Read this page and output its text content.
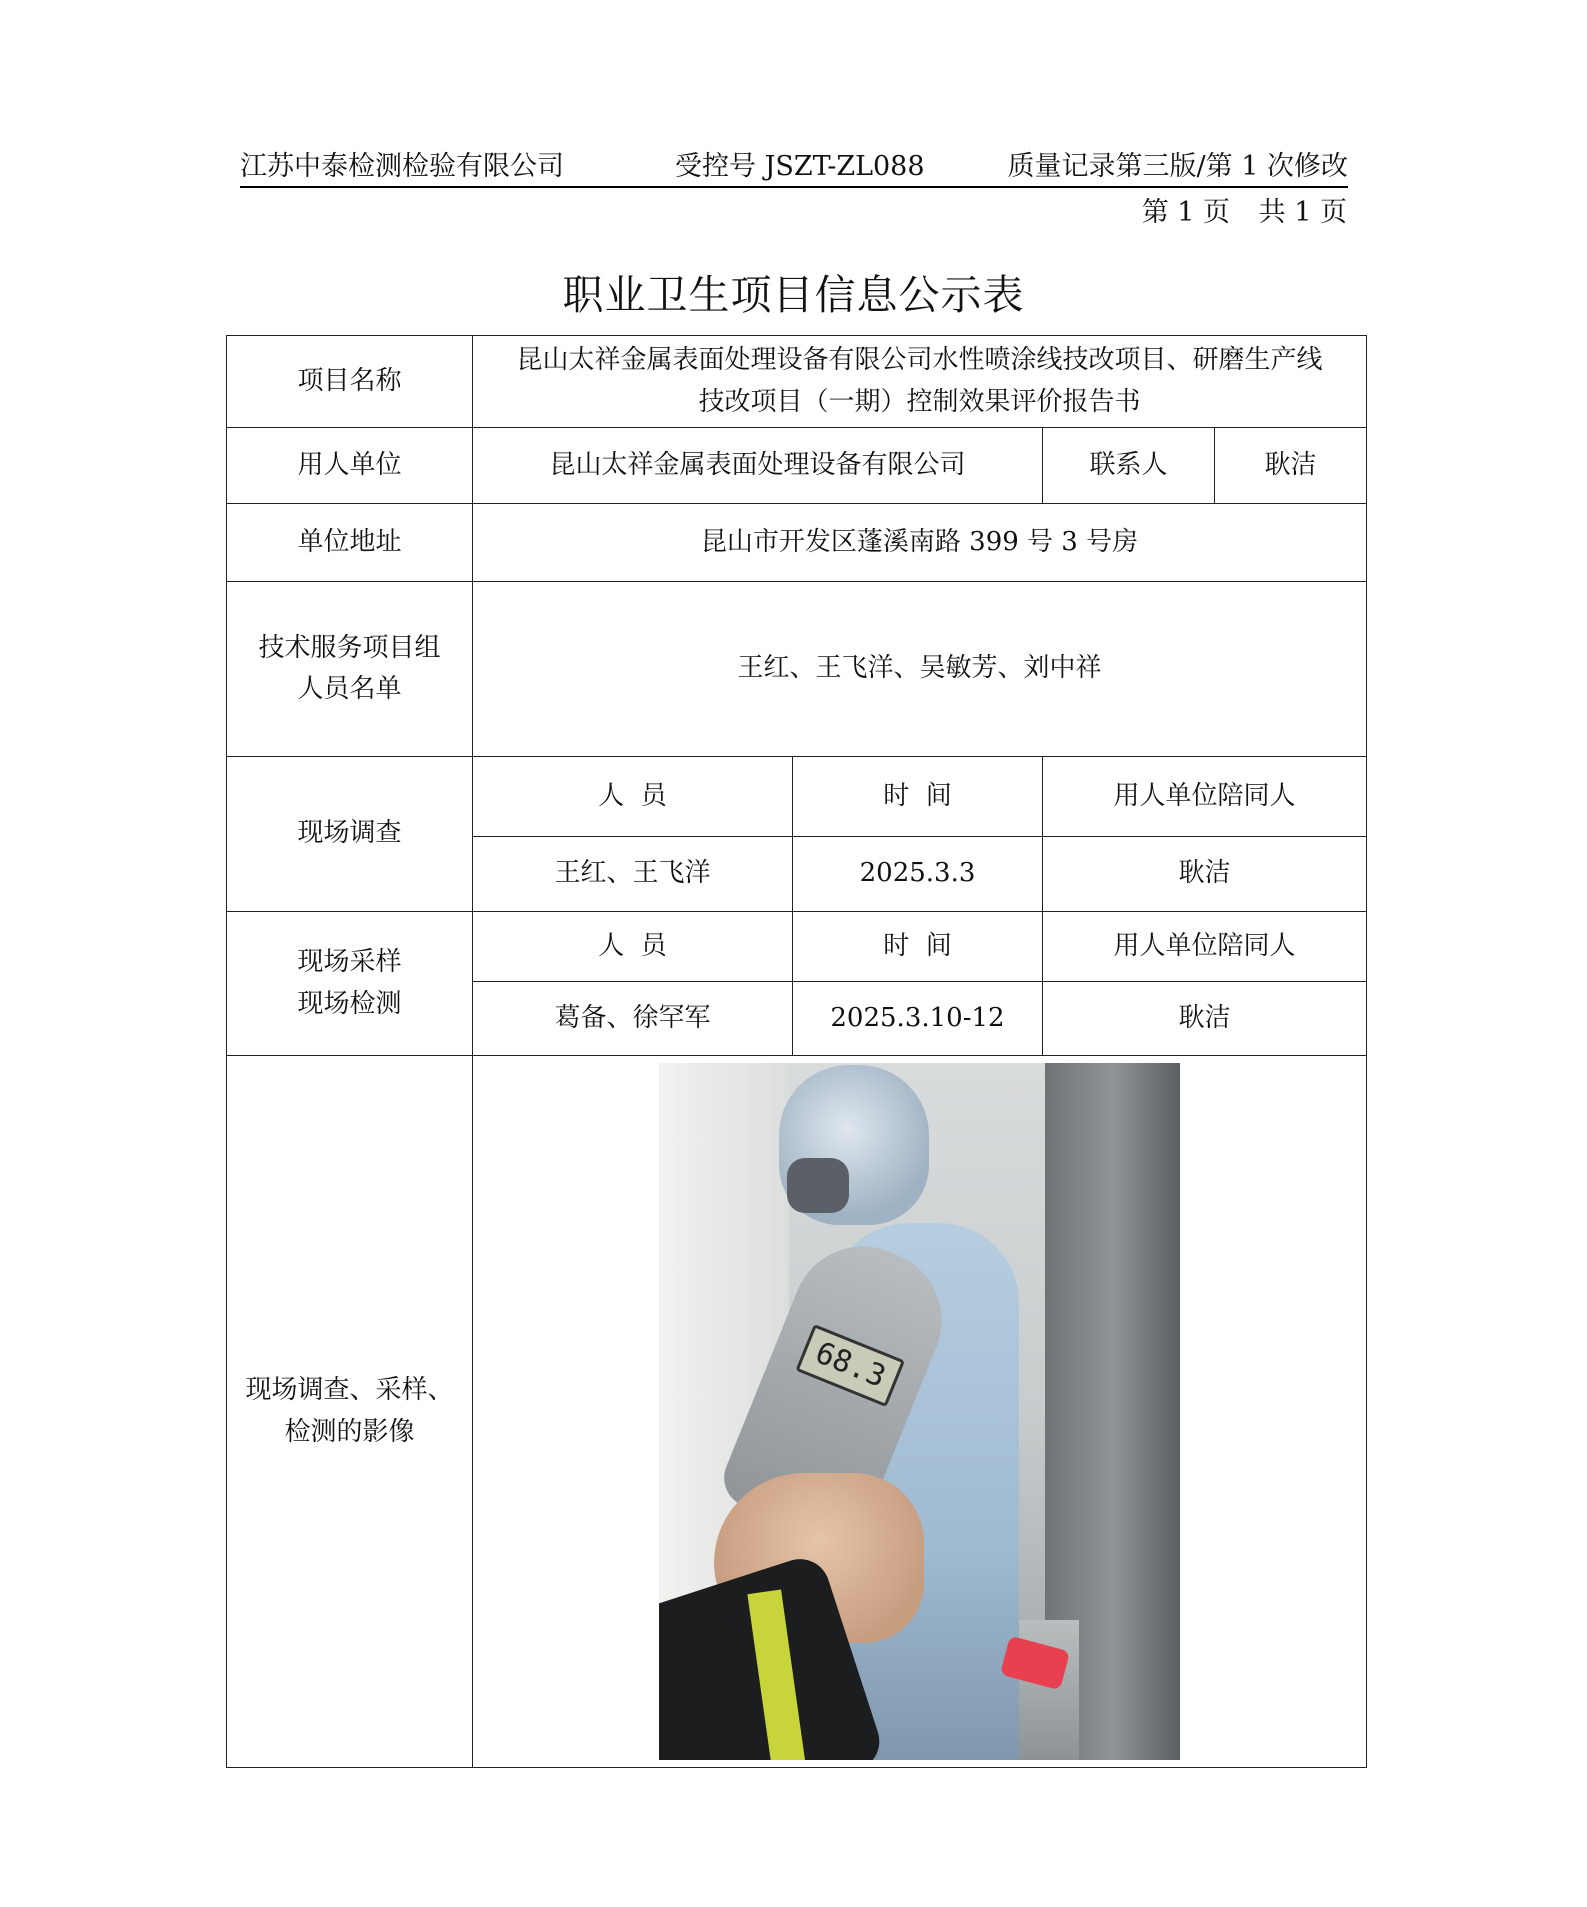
江苏中泰检测检验有限公司	受控号 JSZT-ZL088	质量记录第三版/第 1 次修改
第 1 页 共 1 页
职业卫生项目信息公示表
项目名称	昆山太祥金属表面处理设备有限公司水性喷涂线技改项目、研磨生产线
技改项目（一期）控制效果评价报告书			

用人单位	昆山太祥金属表面处理设备有限公司		联系人	耿洁
单位地址	昆山市开发区蓬溪南路 399 号 3 号房			

技术服务项目组
人员名单	王红、王飞洋、吴敏芳、刘中祥			
现场调查	人  员	时  间	用人单位陪同人	
	王红、王飞洋	2025.3.3	耿洁	

现场采样
现场检测	人  员	时  间	用人单位陪同人	
	葛备、徐罕军	2025.3.10-12	耿洁	

现场调查、采样、
检测的影像	68.3			
